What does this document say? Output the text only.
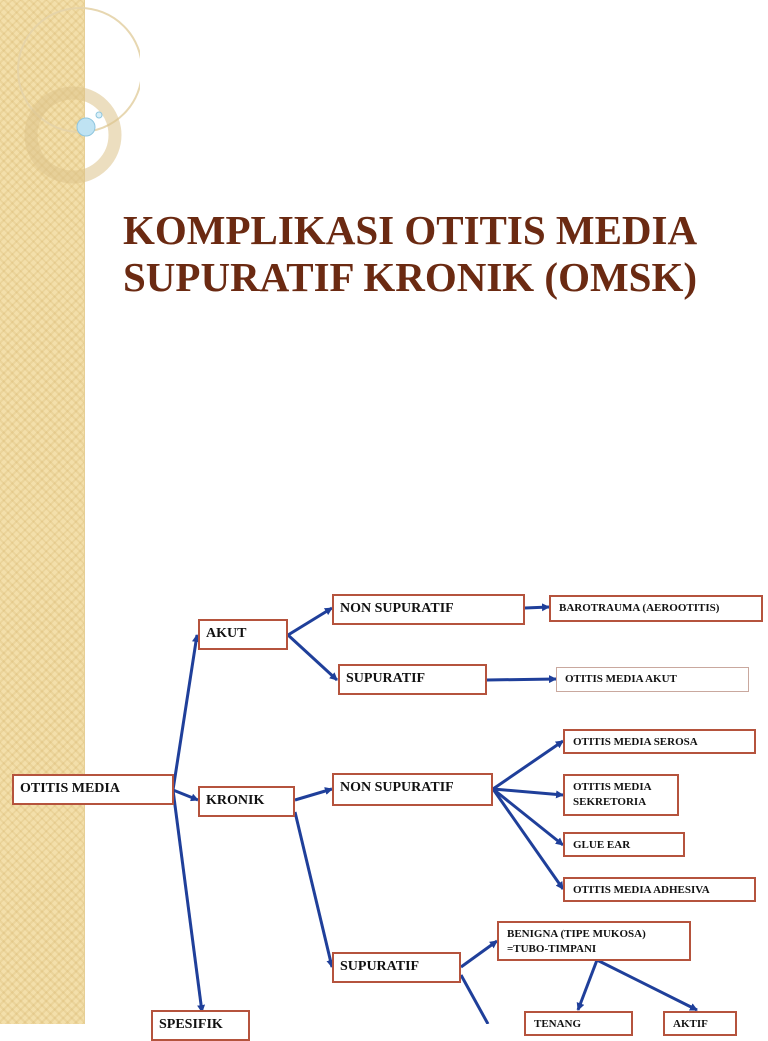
KOMPLIKASI OTITIS MEDIA
SUPURATIF KRONIK (OMSK)
OTITIS MEDIA
AKUT
KRONIK
SPESIFIK
NON SUPURATIF
SUPURATIF
BAROTRAUMA (AEROOTITIS)
OTITIS MEDIA AKUT
NON SUPURATIF
SUPURATIF
OTITIS MEDIA SEROSA
OTITIS MEDIA SEKRETORIA
GLUE EAR
OTITIS MEDIA ADHESIVA
BENIGNA (TIPE MUKOSA) =TUBO-TIMPANI
TENANG	AKTIF
